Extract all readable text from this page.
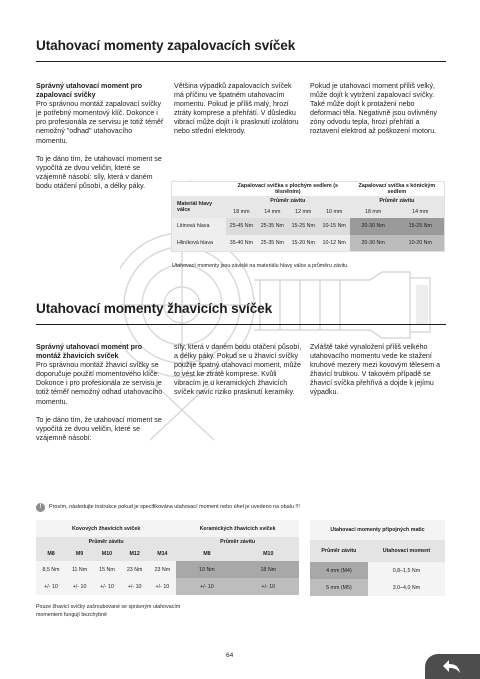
Utahovací momenty zapalovacích svíček
Správný utahovací moment pro zapalovací svíčky

Pro správnou montáž zapalovací svíčky je potřebný momentový klíč. Dokonce i pro profesionála ze servisu je totiž téměř nemožný "odhad" utahovacího momentu.

To je dáno tím, že utahovací moment se vypočítá ze dvou veličin, které se vzájemně násobí: síly, která v daném bodu otáčení působí, a délky páky.

Většina výpadků zapalovacích svíček má příčinu ve špatném utahovacím momentu. Pokud je příliš malý, hrozí ztráty komprese a přehřátí. V důsledku vibrací může dojít i k prasknutí izolátoru nebo střední elektrody.

Pokud je utahovací moment příliš velký, může dojít k vytržení zapalovací svíčky. Také může dojít k protažení nebo deformaci těla. Negativně jsou ovlivněny zóny odvodu tepla, hrozí přehřátí a roztavení elektrod až poškození motoru.

	Zapalovací svíčka s plochým sedlem (s těsněním)				Zapalovací svíčka s kónickým sedlem	
Materiál hlavy válce	Průměr závitu				Průměr závitu	
	18 mm	14 mm	12 mm	10 mm	18 mm	14 mm
Litinová hlava	25-45 Nm	25-35 Nm	15-25 Nm	10-15 Nm	20-30 Nm	15-25 Nm
Hliníková hlava	35-40 Nm	25-35 Nm	15-20 Nm	10-12 Nm	20-30 Nm	10-20 Nm
Utahovací momenty jsou závislé na materiálu hlavy válce a průměru závitu
Utahovací momenty žhavicích svíček
Správný utahovací moment pro montáž žhavicích svíček

Pro správnou montáž žhavicí svíčky se doporučuje použití momentového klíče. Dokonce i pro profesionála ze servisu je totiž téměř nemožný odhad utahovacího momentu.

To je dáno tím, že utahovací moment se vypočítá ze dvou veličin, které se vzájemně násobí:

síly, která v daném bodu otáčení působí, a délky páky. Pokud se u žhavicí svíčky použije špatný utahovací moment, může to vést ke ztrátě komprese. Kvůli vibracím je u keramických žhavicích svíček navíc riziko prasknutí keramiky.

Zvláště také vynaložení příliš velkého utahovacího momentu vede ke stažení kruhové mezery mezi kovovým tělesem a žhavicí trubkou. V takovém případě se žhavicí svíčka přehřívá a dojde k jejímu výpadku.

!	Prosím, následujte instrukce pokud je specifikována utahovací moment nebo úhel je uvedeno na obalu !!!
Kovových žhavicích svíček					Keramických žhavicích svíček	
Průměr závitu					Průměr závitu	
M8	M9	M10	M12	M14	M8	M10
8,5 Nm	11 Nm	15 Nm	23 Nm	23 Nm	10 Nm	18 Nm
+/- 10	+/- 10	+/- 10	+/- 10	+/- 10	+/- 10	+/- 10
Utahovací momenty připojných matic	
Průměr závitu	Utahovací moment
4 mm (M4)	0,8–1,5 Nm
5 mm (M5)	3,0–4,0 Nm
Pouze žhavicí svíčky zašroubované se správným utahovacím momentem fungují bezchybně
64
